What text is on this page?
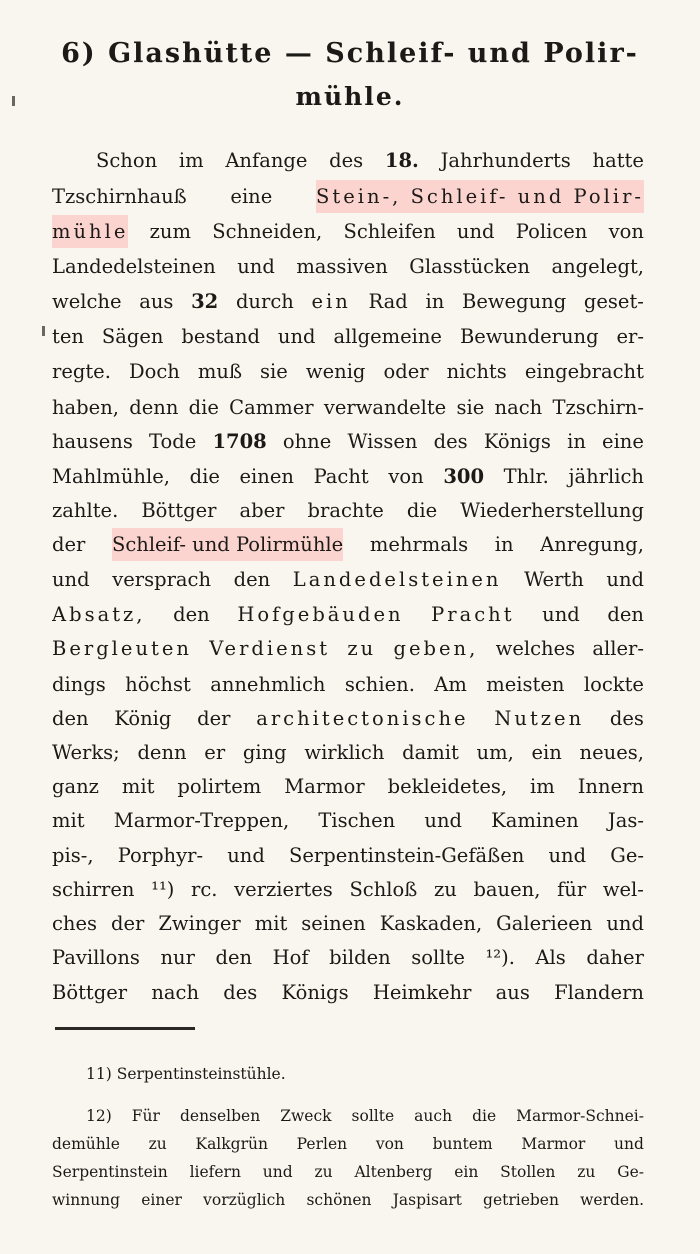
6) Glashütte — Schleif- und Polir-
mühle.
Schon im Anfange des 18. Jahrhunderts hatte
Tzschirnhauß eine Stein-, Schleif- und Polir-
mühle zum Schneiden, Schleifen und Policen von
Landedelsteinen und massiven Glasstücken angelegt,
welche aus 32 durch ein Rad in Bewegung geset-
ten Sägen bestand und allgemeine Bewunderung er-
regte. Doch muß sie wenig oder nichts eingebracht
haben, denn die Cammer verwandelte sie nach Tzschirn-
hausens Tode 1708 ohne Wissen des Königs in eine
Mahlmühle, die einen Pacht von 300 Thlr. jährlich
zahlte. Böttger aber brachte die Wiederherstellung
der Schleif- und Polirmühle mehrmals in Anregung,
und versprach den Landedelsteinen Werth und
Absatz, den Hofgebäuden Pracht und den
Bergleuten Verdienst zu geben, welches aller-
dings höchst annehmlich schien. Am meisten lockte
den König der architectonische Nutzen des
Werks; denn er ging wirklich damit um, ein neues,
ganz mit polirtem Marmor bekleidetes, im Innern
mit Marmor-Treppen, Tischen und Kaminen Jas-
pis-, Porphyr- und Serpentinstein-Gefäßen und Ge-
schirren ¹¹) rc. verziertes Schloß zu bauen, für wel-
ches der Zwinger mit seinen Kaskaden, Galerieen und
Pavillons nur den Hof bilden sollte ¹²). Als daher
Böttger nach des Königs Heimkehr aus Flandern
11) Serpentinsteinstühle.
12) Für denselben Zweck sollte auch die Marmor-Schnei-
demühle zu Kalkgrün Perlen von buntem Marmor und
Serpentinstein liefern und zu Altenberg ein Stollen zu Ge-
winnung einer vorzüglich schönen Jaspisart getrieben werden.
